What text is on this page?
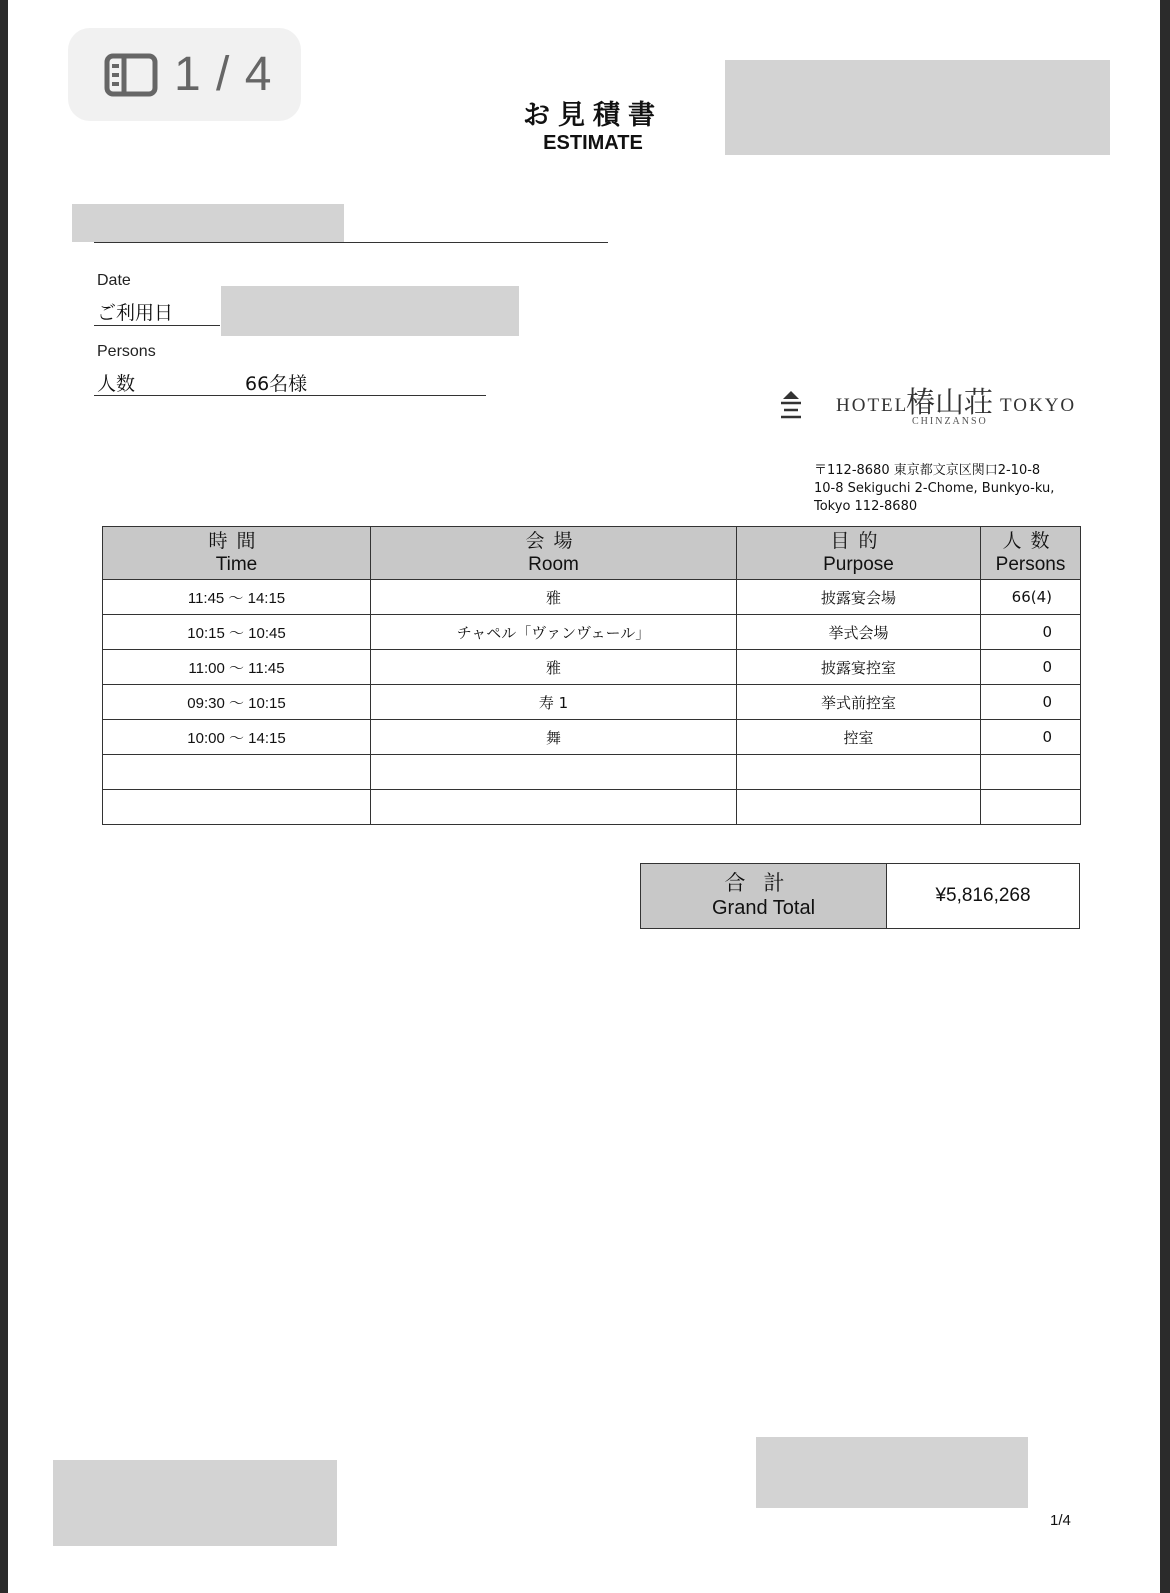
1 / 4
お見積書
ESTIMATE
Date
ご利用日
Persons
人数	66名様
HOTEL
椿山荘 TOKYO
CHINZANSO
〒112-8680 東京都文京区関口2-10-8
10-8 Sekiguchi 2-Chome, Bunkyo-ku,
Tokyo 112-8680
時間
Time	会場
Room	目的
Purpose	人数
Persons

11:45 〜 14:15	雅	披露宴会場	66(4)
10:15 〜 10:45	チャペル「ヴァンヴェール」	挙式会場	0
11:00 〜 11:45	雅	披露宴控室	0
09:30 〜 10:15	寿 1	挙式前控室	0
10:00 〜 14:15	舞	控室	0

合計
Grand Total
	¥5,816,268
1/4
